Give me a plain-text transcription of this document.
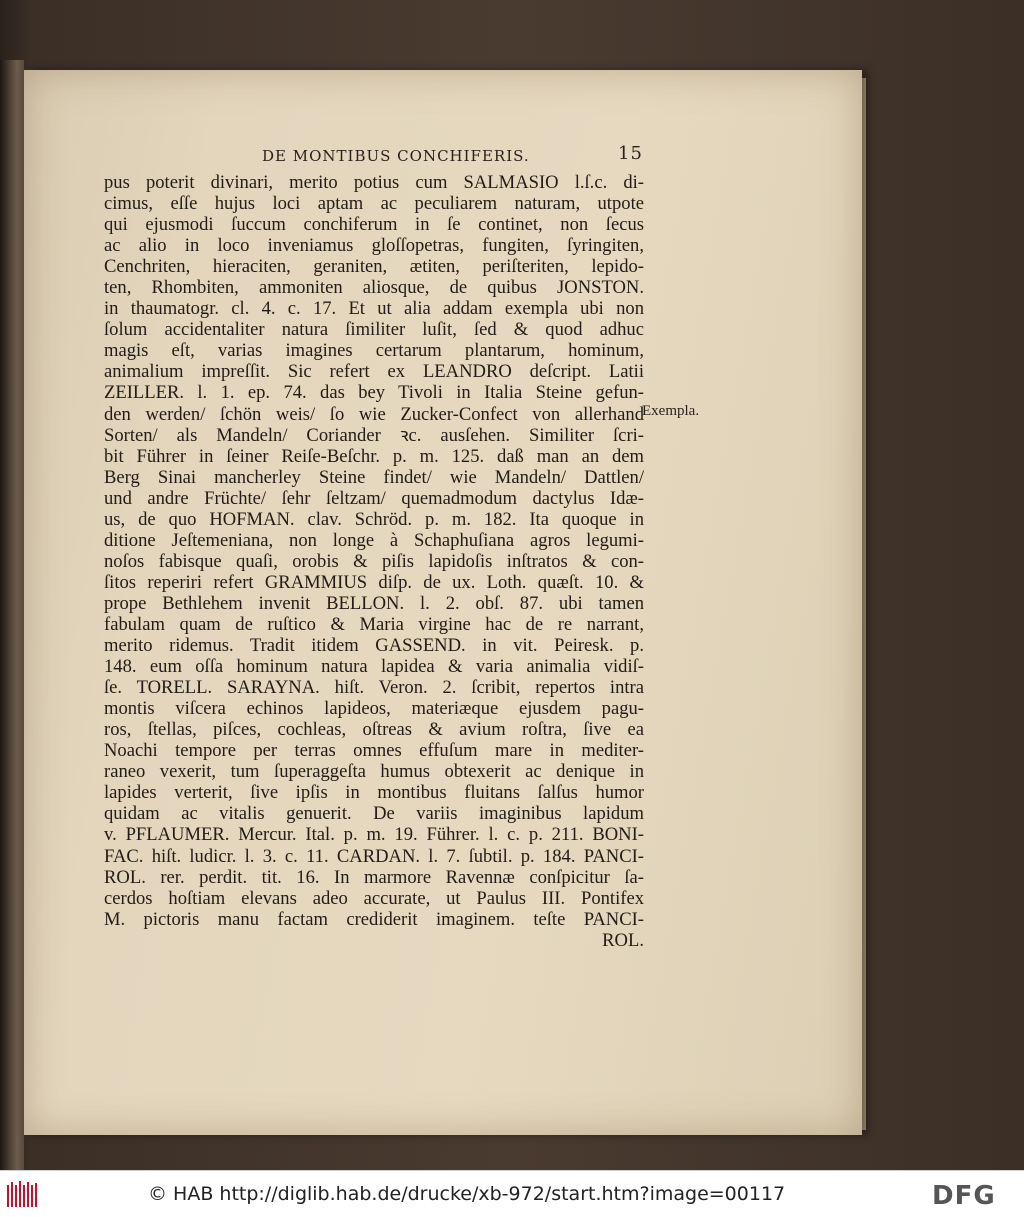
DE MONTIBUS CONCHIFERIS.	15
pus poterit divinari, merito potius cum SALMASIO l.ſ.c. di-
cimus, eſſe hujus loci aptam ac peculiarem naturam, utpote
qui ejusmodi ſuccum conchiferum in ſe continet, non ſecus
ac alio in loco inveniamus gloſſopetras, fungiten, ſyringiten,
Cenchriten, hieraciten, geraniten, ætiten, periſteriten, lepido-
ten, Rhombiten, ammoniten aliosque, de quibus JONSTON.
in thaumatogr. cl. 4. c. 17. Et ut alia addam exempla ubi non
ſolum accidentaliter natura ſimiliter luſit, ſed & quod adhuc
magis eſt, varias imagines certarum plantarum, hominum,
animalium impreſſit. Sic refert ex LEANDRO deſcript. Latii
ZEILLER. l. 1. ep. 74. das bey Tivoli in Italia Steine gefun-
den werden/ ſchön weis/ ſo wie Zucker-Confect von allerhand
Sorten/ als Mandeln/ Coriander ꝛc. ausſehen. Similiter ſcri-
bit Führer in ſeiner Reiſe-Beſchr. p. m. 125. daß man an dem
Berg Sinai mancherley Steine findet/ wie Mandeln/ Dattlen/
und andre Früchte/ ſehr ſeltzam/ quemadmodum dactylus Idæ-
us, de quo HOFMAN. clav. Schröd. p. m. 182. Ita quoque in
ditione Jeſtemeniana, non longe à Schaphuſiana agros legumi-
noſos fabisque quaſi, orobis & piſis lapidoſis inſtratos & con-
ſitos reperiri refert GRAMMIUS diſp. de ux. Loth. quæſt. 10. &
prope Bethlehem invenit BELLON. l. 2. obſ. 87. ubi tamen
fabulam quam de ruſtico & Maria virgine hac de re narrant,
merito ridemus. Tradit itidem GASSEND. in vit. Peiresk. p.
148. eum oſſa hominum natura lapidea & varia animalia vidiſ-
ſe. TORELL. SARAYNA. hiſt. Veron. 2. ſcribit, repertos intra
montis viſcera echinos lapideos, materiæque ejusdem pagu-
ros, ſtellas, piſces, cochleas, oſtreas & avium roſtra, ſive ea
Noachi tempore per terras omnes effuſum mare in mediter-
raneo vexerit, tum ſuperaggeſta humus obtexerit ac denique in
lapides verterit, ſive ipſis in montibus fluitans ſalſus humor
quidam ac vitalis genuerit. De variis imaginibus lapidum
v. PFLAUMER. Mercur. Ital. p. m. 19. Führer. l. c. p. 211. BONI-
FAC. hiſt. ludicr. l. 3. c. 11. CARDAN. l. 7. ſubtil. p. 184. PANCI-
ROL. rer. perdit. tit. 16. In marmore Ravennæ conſpicitur ſa-
cerdos hoſtiam elevans adeo accurate, ut Paulus III. Pontifex
M. pictoris manu factam crediderit imaginem. teſte PANCI-
ROL.
Exempla.
© HAB http://diglib.hab.de/drucke/xb-972/start.htm?image=00117	DFG
